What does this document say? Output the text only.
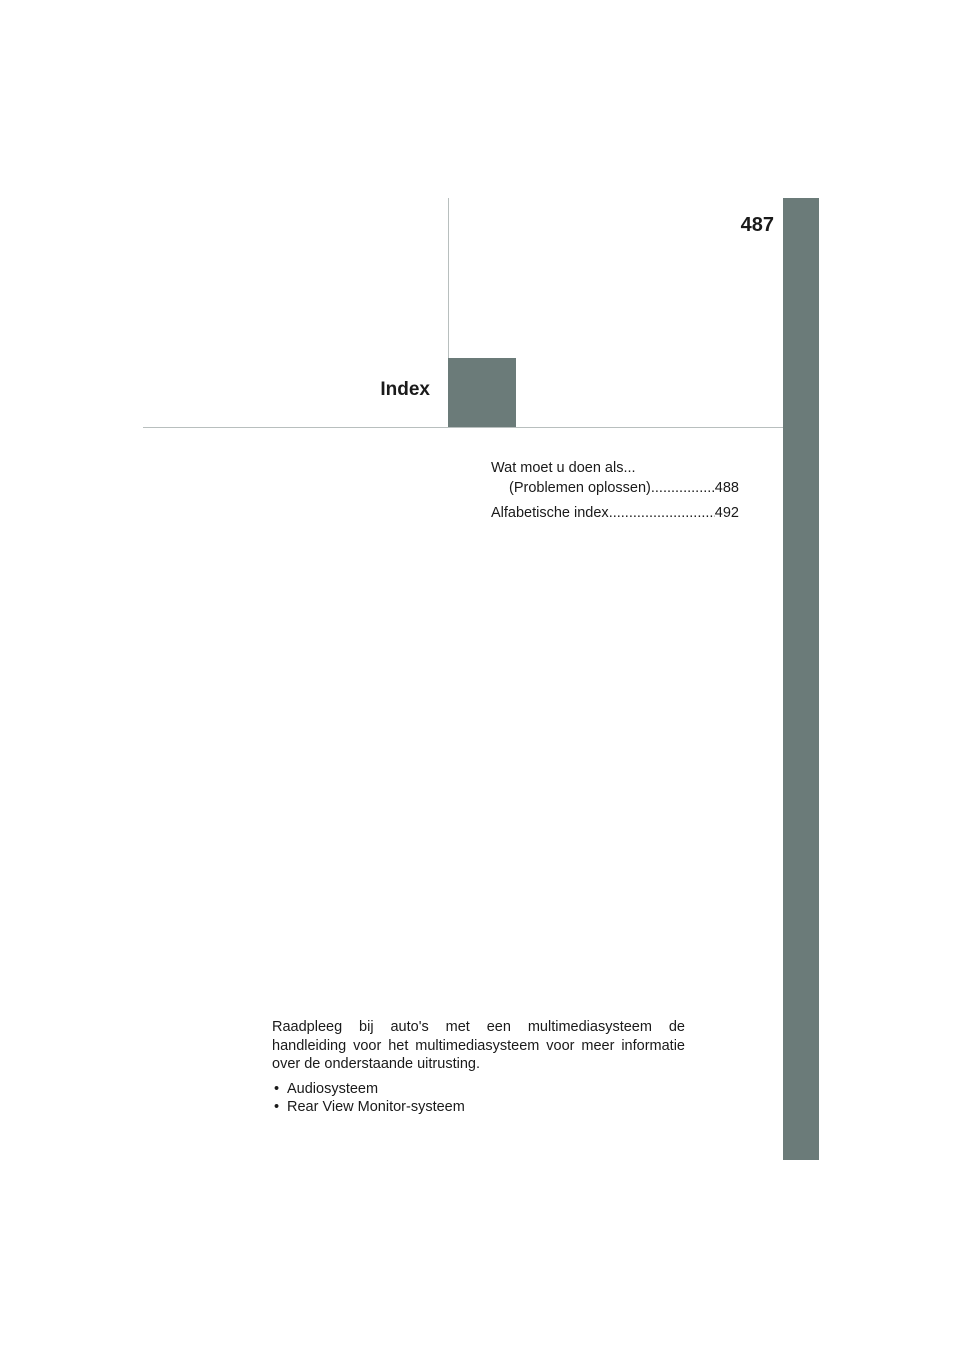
487
Index
Wat moet u doen als...
(Problemen oplossen) .....	488
Alfabetische index .....	492
Raadpleeg bij auto's met een multimediasysteem de handleiding voor het multimediasysteem voor meer informatie over de onderstaande uitrusting.
• Audiosysteem
• Rear View Monitor-systeem
